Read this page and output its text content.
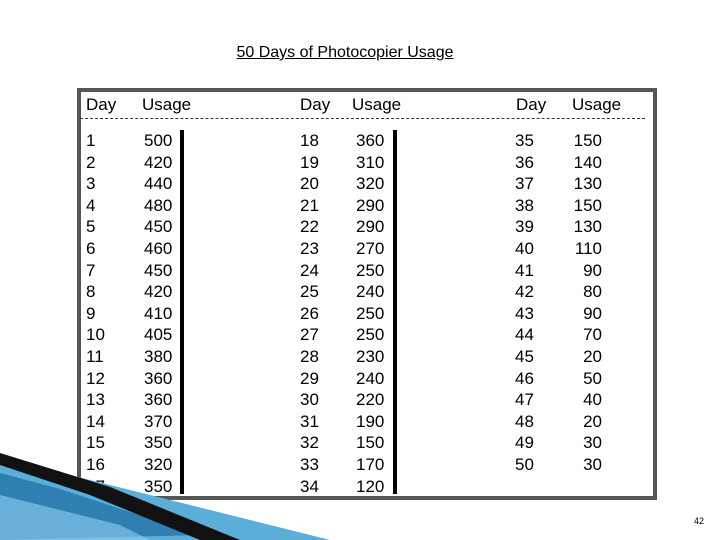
50 Days of Photocopier Usage
Day Usage	Day Usage	Day Usage
1
2
3
4
5
6
7
8
9
10
11
12
13
14
15
16
500
420
440
480
450
460
450
420
410
405
380
360
360
370
350
320
350
18
19
20
21
22
23
24
25
26
27
28
29
30
31
32
33
34
360
310
320
290
290
270
250
240
250
250
230
240
220
190
150
170
120
35
36
37
38
39
40
41
42
43
44
45
46
47
48
49
50
150
140
130
150
130
110
90
80
90
70
20
50
40
20
30
30
42
